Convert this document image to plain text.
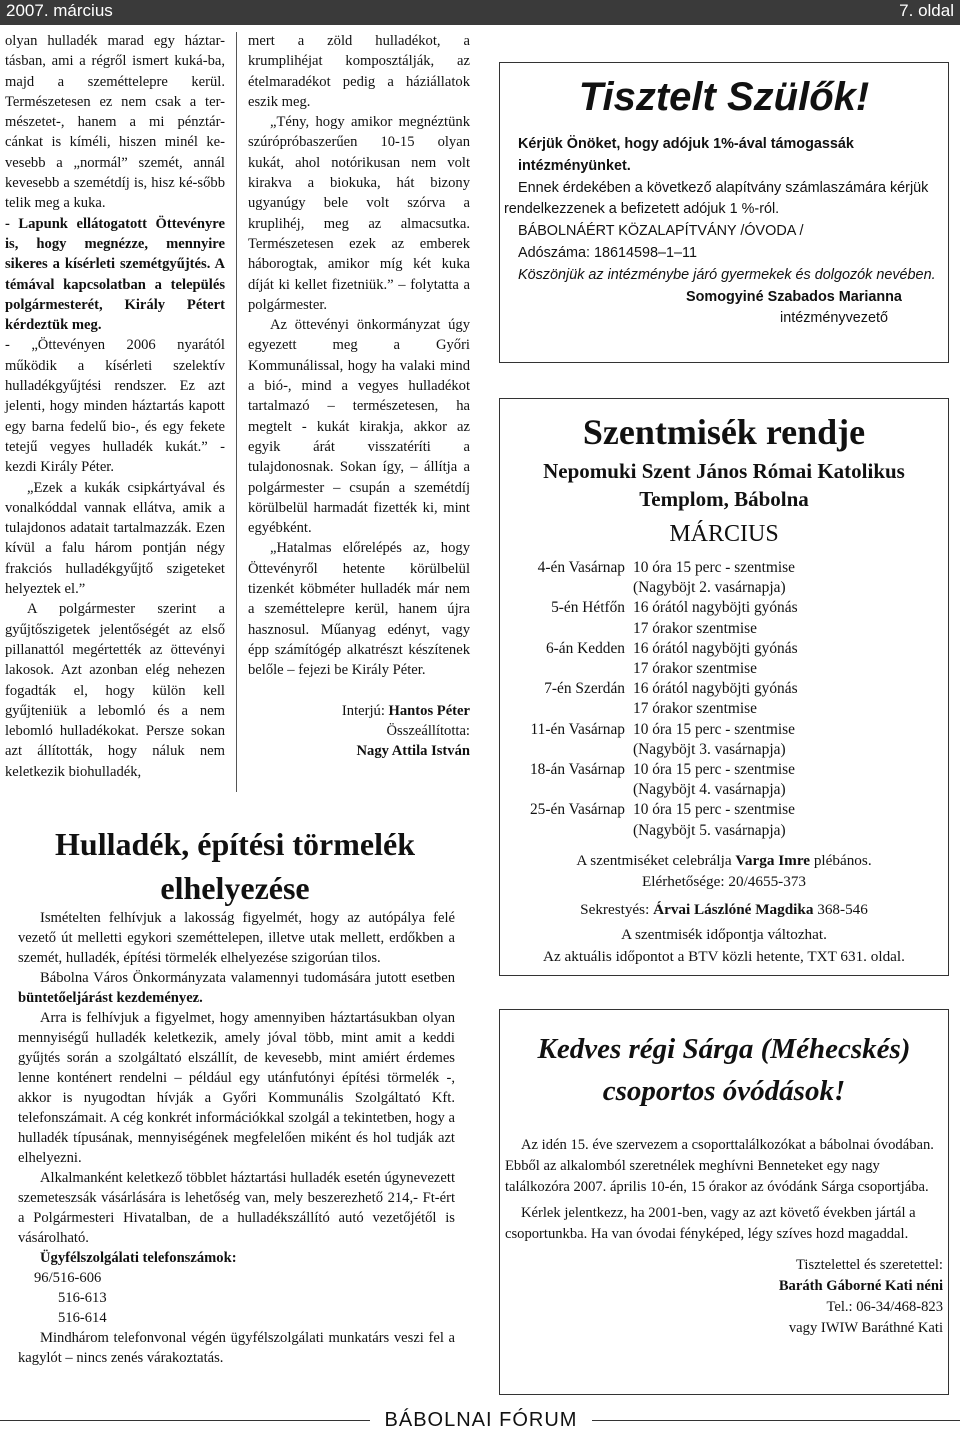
2007. március	7. oldal

olyan hulladék marad egy háztar-tásban, ami a régről ismert kuká-ba, majd a szeméttelepre kerül. Természetesen ez nem csak a ter-mészetet-, hanem a mi pénztár-cánkat is kíméli, hiszen minél ke-vesebb a „normál” szemét, annál kevesebb a szemétdíj is, hisz ké-sőbb telik meg a kuka.

- Lapunk ellátogatott Öttevényre is, hogy megnézze, mennyire sikeres a kísérleti szemétgyűjtés. A témával kapcsolatban a település polgármesterét, Király Pétert kérdeztük meg.

- „Öttevényen 2006 nyarától működik a kísérleti szelektív hulladékgyűjtési rendszer. Ez azt jelenti, hogy minden háztartás kapott egy barna fedelű bio-, és egy fekete tetejű vegyes hulladék kukát.” - kezdi Király Péter.

„Ezek a kukák csipkártyával és vonalkóddal vannak ellátva, amik a tulajdonos adatait tartalmazzák. Ezen kívül a falu három pontján négy frakciós hulladékgyűjtő szigeteket helyeztek el.”

A polgármester szerint a gyűjtőszigetek jelentőségét az első pillanattól megértették az öttevényi lakosok. Azt azonban elég nehezen fogadták el, hogy külön kell gyűjteniük a lebomló és a nem lebomló hulladékokat. Persze sokan azt állították, hogy náluk nem keletkezik biohulladék,

mert a zöld hulladékot, a krumplihéjat komposztálják, az ételmaradékot pedig a háziállatok eszik meg.

„Tény, hogy amikor megnéztünk szúrópróbaszerűen 10-15 olyan kukát, ahol notórikusan nem volt kirakva a biokuka, hát bizony ugyanúgy bele volt szórva a kruplihéj, meg az almacsutka. Természetesen ezek az emberek háborogtak, amikor míg két kuka díját ki kellet fizetniük.” – folytatta a polgármester.

Az öttevényi önkormányzat úgy egyezett meg a Győri Kommunálissal, hogy ha valaki mind a bió-, mind a vegyes hulladékot tartalmazó – természetesen, ha megtelt - kukát kirakja, akkor az egyik árát visszatéríti a tulajdonosnak. Sokan így, – állítja a polgármester – csupán a szemétdíj körülbelül harmadát fizették ki, mint egyébként.

„Hatalmas előrelépés az, hogy Öttevényről hetente körülbelül tizenkét köbméter hulladék már nem a szeméttelepre kerül, hanem újra hasznosul. Műanyag edényt, vagy épp számítógép alkatrészt készítenek belőle – fejezi be Király Péter.

Interjú: Hantos Péter

Összeállította:

Nagy Attila István

Hulladék, építési törmelék elhelyezése

Ismételten felhívjuk a lakosság figyelmét, hogy az autópálya felé vezető út melletti egykori szeméttelepen, illetve utak mellett, erdőkben a szemét, hulladék, építési törmelék elhelyezése szigorúan tilos.

Bábolna Város Önkormányzata valamennyi tudomására jutott esetben büntetőeljárást kezdeményez.

Arra is felhívjuk a figyelmet, hogy amennyiben háztartásukban olyan mennyiségű hulladék keletkezik, amely jóval több, mint amit a keddi gyűjtés során a szolgáltató elszállít, de kevesebb, mint amiért érdemes lenne konténert rendelni – például egy utánfutónyi építési törmelék -, akkor is nyugodtan hívják a Győri Kommunális Szolgáltató Kft. telefonszámait. A cég konkrét információkkal szolgál a tekintetben, hogy a hulladék típusának, mennyiségének megfelelően miként és hol tudják azt elhelyezni.

Alkalmanként keletkező többlet háztartási hulladék esetén úgynevezett szemeteszsák vásárlására is lehetőség van, mely beszerezhető 214,- Ft-ért a Polgármesteri Hivatalban, de a hulladékszállító autó vezetőjétől is vásárolható.

Ügyfélszolgálati telefonszámok:

96/516-606

516-613

516-614

Mindhárom telefonvonal végén ügyfélszolgálati munkatárs veszi fel a kagylót – nincs zenés várakoztatás.

Tisztelt Szülők!

Kérjük Önöket, hogy adójuk 1%-ával támogassák intézményünket.

Ennek érdekében a következő alapítvány számlaszámára kérjük rendelkezzenek a befizetett adójuk 1 %-ról.

BÁBOLNÁÉRT KÖZALAPÍTVÁNY /ÓVODA /

Adószáma: 18614598–1–11

Köszönjük az intézménybe járó gyermekek és dolgozók nevében.

Somogyiné Szabados Marianna

intézményvezető

Szentmisék rendje
Nepomuki Szent János Római Katolikus Templom, Bábolna
MÁRCIUS
4-én Vasárnap	10 óra 15 perc - szentmise
(Nagyböjt 2. vasárnapja)

5-én Hétfőn	16 órától nagyböjti gyónás
17 órakor szentmise

6-án Kedden	16 órától nagyböjti gyónás
17 órakor szentmise

7-én Szerdán	16 órától nagyböjti gyónás
17 órakor szentmise

11-én Vasárnap	10 óra 15 perc - szentmise
(Nagyböjt 3. vasárnapja)

18-án Vasárnap	10 óra 15 perc - szentmise
(Nagyböjt 4. vasárnapja)

25-én Vasárnap	10 óra 15 perc - szentmise
(Nagyböjt 5. vasárnapja)

A szentmiséket celebrálja Varga Imre plébános.

Elérhetősége: 20/4655-373

Sekrestyés: Árvai Lászlóné Magdika 368-546

A szentmisék időpontja változhat.

Az aktuális időpontot a BTV közli hetente, TXT 631. oldal.

Kedves régi Sárga (Méhecskés) csoportos óvódások!

Az idén 15. éve szervezem a csoporttalálkozókat a bábolnai óvodában. Ebből az alkalomból szeretnélek meghívni Benneteket egy nagy találkozóra 2007. április 10-én, 15 órakor az óvódánk Sárga csoportjába.

Kérlek jelentkezz, ha 2001-ben, vagy az azt követő években jártál a csoportunkba. Ha van óvodai fényképed, légy szíves hozd magaddal.

Tisztelettel és szeretettel:

Baráth Gáborné Kati néni

Tel.: 06-34/468-823

vagy IWIW Baráthné Kati

BÁBOLNAI FÓRUM
